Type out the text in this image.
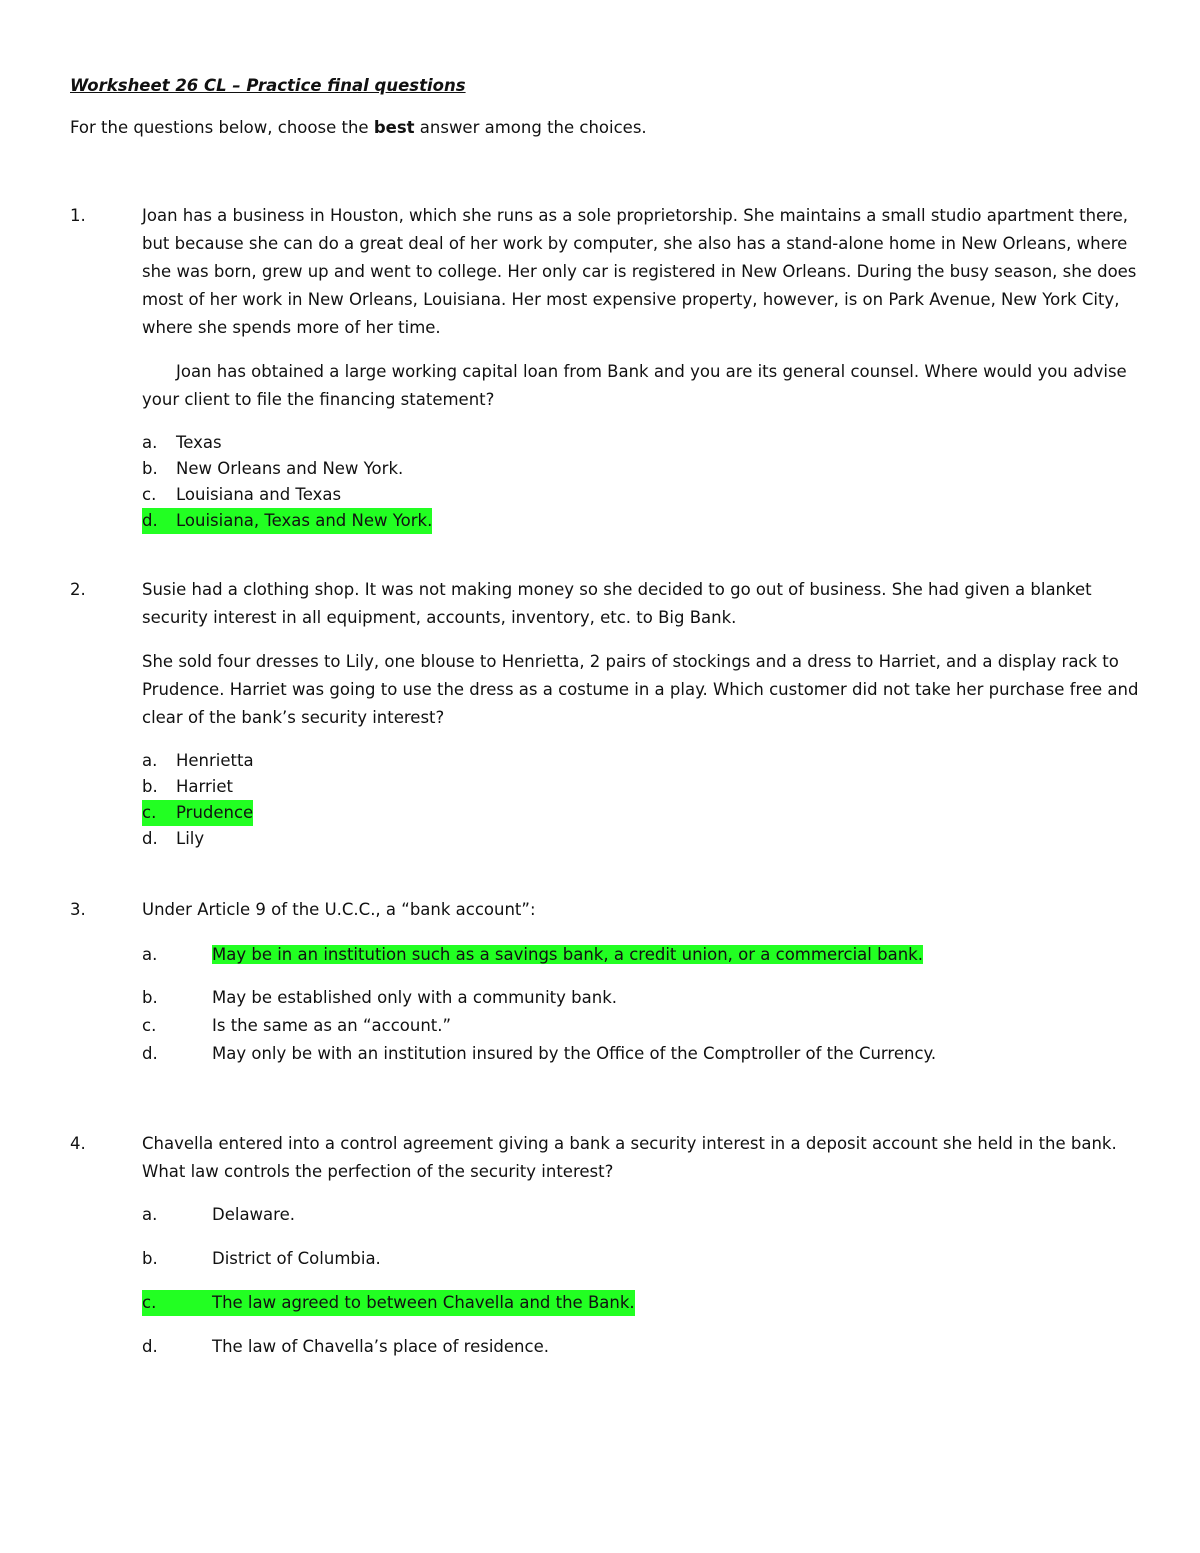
Worksheet 26 CL – Practice final questions

For the questions below, choose the best answer among the choices.

1.	Joan has a business in Houston, which she runs as a sole proprietorship. She maintains a small studio apartment there, but because she can do a great deal of her work by computer, she also has a stand-alone home in New Orleans, where she was born, grew up and went to college. Her only car is registered in New Orleans. During the busy season, she does most of her work in New Orleans, Louisiana. Her most expensive property, however, is on Park Avenue, New York City, where she spends more of her time.

Joan has obtained a large working capital loan from Bank and you are its general counsel. Where would you advise your client to file the financing statement?

a. Texas
b. New Orleans and New York.
c. Louisiana and Texas
d. Louisiana, Texas and New York.
2.	Susie had a clothing shop. It was not making money so she decided to go out of business. She had given a blanket security interest in all equipment, accounts, inventory, etc. to Big Bank.

She sold four dresses to Lily, one blouse to Henrietta, 2 pairs of stockings and a dress to Harriet, and a display rack to Prudence. Harriet was going to use the dress as a costume in a play. Which customer did not take her purchase free and clear of the bank’s security interest?

a. Henrietta
b. Harriet
c. Prudence
d. Lily
3.	Under Article 9 of the U.C.C., a “bank account”:

a.	May be in an institution such as a savings bank, a credit union, or a commercial bank.
b.	May be established only with a community bank.
c.	Is the same as an “account.”
d.	May only be with an institution insured by the Office of the Comptroller of the Currency.
4.	Chavella entered into a control agreement giving a bank a security interest in a deposit account she held in the bank. What law controls the perfection of the security interest?

a.	Delaware.
b.	District of Columbia.
c.	The law agreed to between Chavella and the Bank.
d.	The law of Chavella’s place of residence.
